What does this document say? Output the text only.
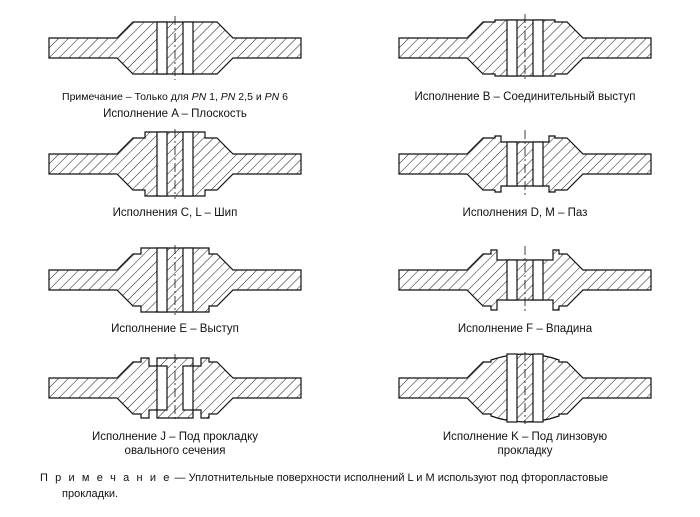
Примечание – Только для PN 1, PN 2,5 и PN 6
Исполнение A – Плоскость
Исполнение B – Соединительный выступ
Исполнения C, L – Шип	Исполнения D, M – Паз
Исполнение E – Выступ	Исполнение F – Впадина
Исполнение J – Под прокладку
овального сечения
Исполнение K – Под линзовую
прокладку
П р и м е ч а н и е — Уплотнительные поверхности исполнений L и M используют под фторопластовые
прокладки.
